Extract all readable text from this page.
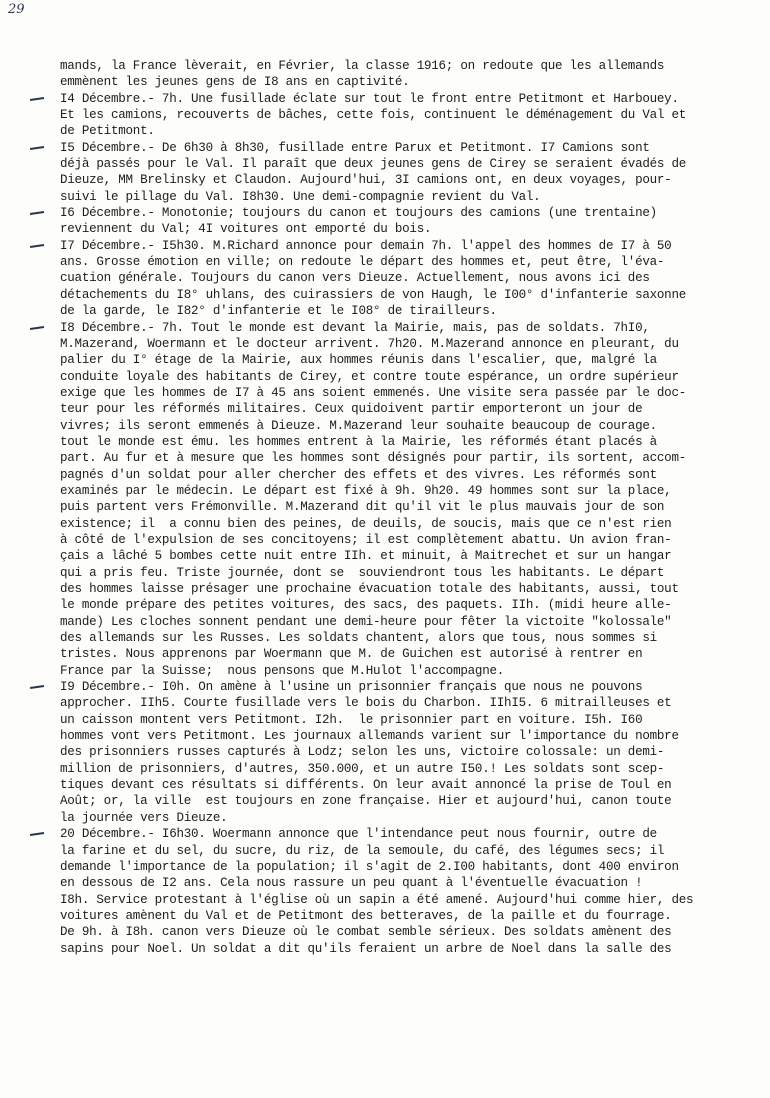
29
mands, la France lèverait, en Février, la classe 1916; on redoute que les allemands
emmènent les jeunes gens de I8 ans en captivité.
I4 Décembre.- 7h. Une fusillade éclate sur tout le front entre Petitmont et Harbouey.
Et les camions, recouverts de bâches, cette fois, continuent le déménagement du Val et
de Petitmont.
I5 Décembre.- De 6h30 à 8h30, fusillade entre Parux et Petitmont. I7 Camions sont
déjà passés pour le Val. Il paraît que deux jeunes gens de Cirey se seraient évadés de
Dieuze, MM Brelinsky et Claudon. Aujourd'hui, 3I camions ont, en deux voyages, pour-
suivi le pillage du Val. I8h30. Une demi-compagnie revient du Val.
I6 Décembre.- Monotonie; toujours du canon et toujours des camions (une trentaine)
reviennent du Val; 4I voitures ont emporté du bois.
I7 Décembre.- I5h30. M.Richard annonce pour demain 7h. l'appel des hommes de I7 à 50
ans. Grosse émotion en ville; on redoute le départ des hommes et, peut être, l'éva-
cuation générale. Toujours du canon vers Dieuze. Actuellement, nous avons ici des
détachements du I8° uhlans, des cuirassiers de von Haugh, le I00° d'infanterie saxonne
de la garde, le I82° d'infanterie et le I08° de tirailleurs.
I8 Décembre.- 7h. Tout le monde est devant la Mairie, mais, pas de soldats. 7hI0,
M.Mazerand, Woermann et le docteur arrivent. 7h20. M.Mazerand annonce en pleurant, du
palier du I° étage de la Mairie, aux hommes réunis dans l'escalier, que, malgré la
conduite loyale des habitants de Cirey, et contre toute espérance, un ordre supérieur
exige que les hommes de I7 à 45 ans soient emmenés. Une visite sera passée par le doc-
teur pour les réformés militaires. Ceux quidoivent partir emporteront un jour de
vivres; ils seront emmenés à Dieuze. M.Mazerand leur souhaite beaucoup de courage.
tout le monde est ému. les hommes entrent à la Mairie, les réformés étant placés à
part. Au fur et à mesure que les hommes sont désignés pour partir, ils sortent, accom-
pagnés d'un soldat pour aller chercher des effets et des vivres. Les réformés sont
examinés par le médecin. Le départ est fixé à 9h. 9h20. 49 hommes sont sur la place,
puis partent vers Frémonville. M.Mazerand dit qu'il vit le plus mauvais jour de son
existence; il  a connu bien des peines, de deuils, de soucis, mais que ce n'est rien
à côté de l'expulsion de ses concitoyens; il est complètement abattu. Un avion fran-
çais a lâché 5 bombes cette nuit entre IIh. et minuit, à Maitrechet et sur un hangar
qui a pris feu. Triste journée, dont se  souviendront tous les habitants. Le départ
des hommes laisse présager une prochaine évacuation totale des habitants, aussi, tout
le monde prépare des petites voitures, des sacs, des paquets. IIh. (midi heure alle-
mande) Les cloches sonnent pendant une demi-heure pour fêter la victoite "kolossale"
des allemands sur les Russes. Les soldats chantent, alors que tous, nous sommes si
tristes. Nous apprenons par Woermann que M. de Guichen est autorisé à rentrer en
France par la Suisse;  nous pensons que M.Hulot l'accompagne.
I9 Décembre.- I0h. On amène à l'usine un prisonnier français que nous ne pouvons
approcher. IIh5. Courte fusillade vers le bois du Charbon. IIhI5. 6 mitrailleuses et
un caisson montent vers Petitmont. I2h.  le prisonnier part en voiture. I5h. I60
hommes vont vers Petitmont. Les journaux allemands varient sur l'importance du nombre
des prisonniers russes capturés à Lodz; selon les uns, victoire colossale: un demi-
million de prisonniers, d'autres, 350.000, et un autre I50.! Les soldats sont scep-
tiques devant ces résultats si différents. On leur avait annoncé la prise de Toul en
Août; or, la ville  est toujours en zone française. Hier et aujourd'hui, canon toute
la journée vers Dieuze.
20 Décembre.- I6h30. Woermann annonce que l'intendance peut nous fournir, outre de
la farine et du sel, du sucre, du riz, de la semoule, du café, des légumes secs; il
demande l'importance de la population; il s'agit de 2.I00 habitants, dont 400 environ
en dessous de I2 ans. Cela nous rassure un peu quant à l'éventuelle évacuation !
I8h. Service protestant à l'église où un sapin a été amené. Aujourd'hui comme hier, des
voitures amènent du Val et de Petitmont des betteraves, de la paille et du fourrage.
De 9h. à I8h. canon vers Dieuze où le combat semble sérieux. Des soldats amènent des
sapins pour Noel. Un soldat a dit qu'ils feraient un arbre de Noel dans la salle des
